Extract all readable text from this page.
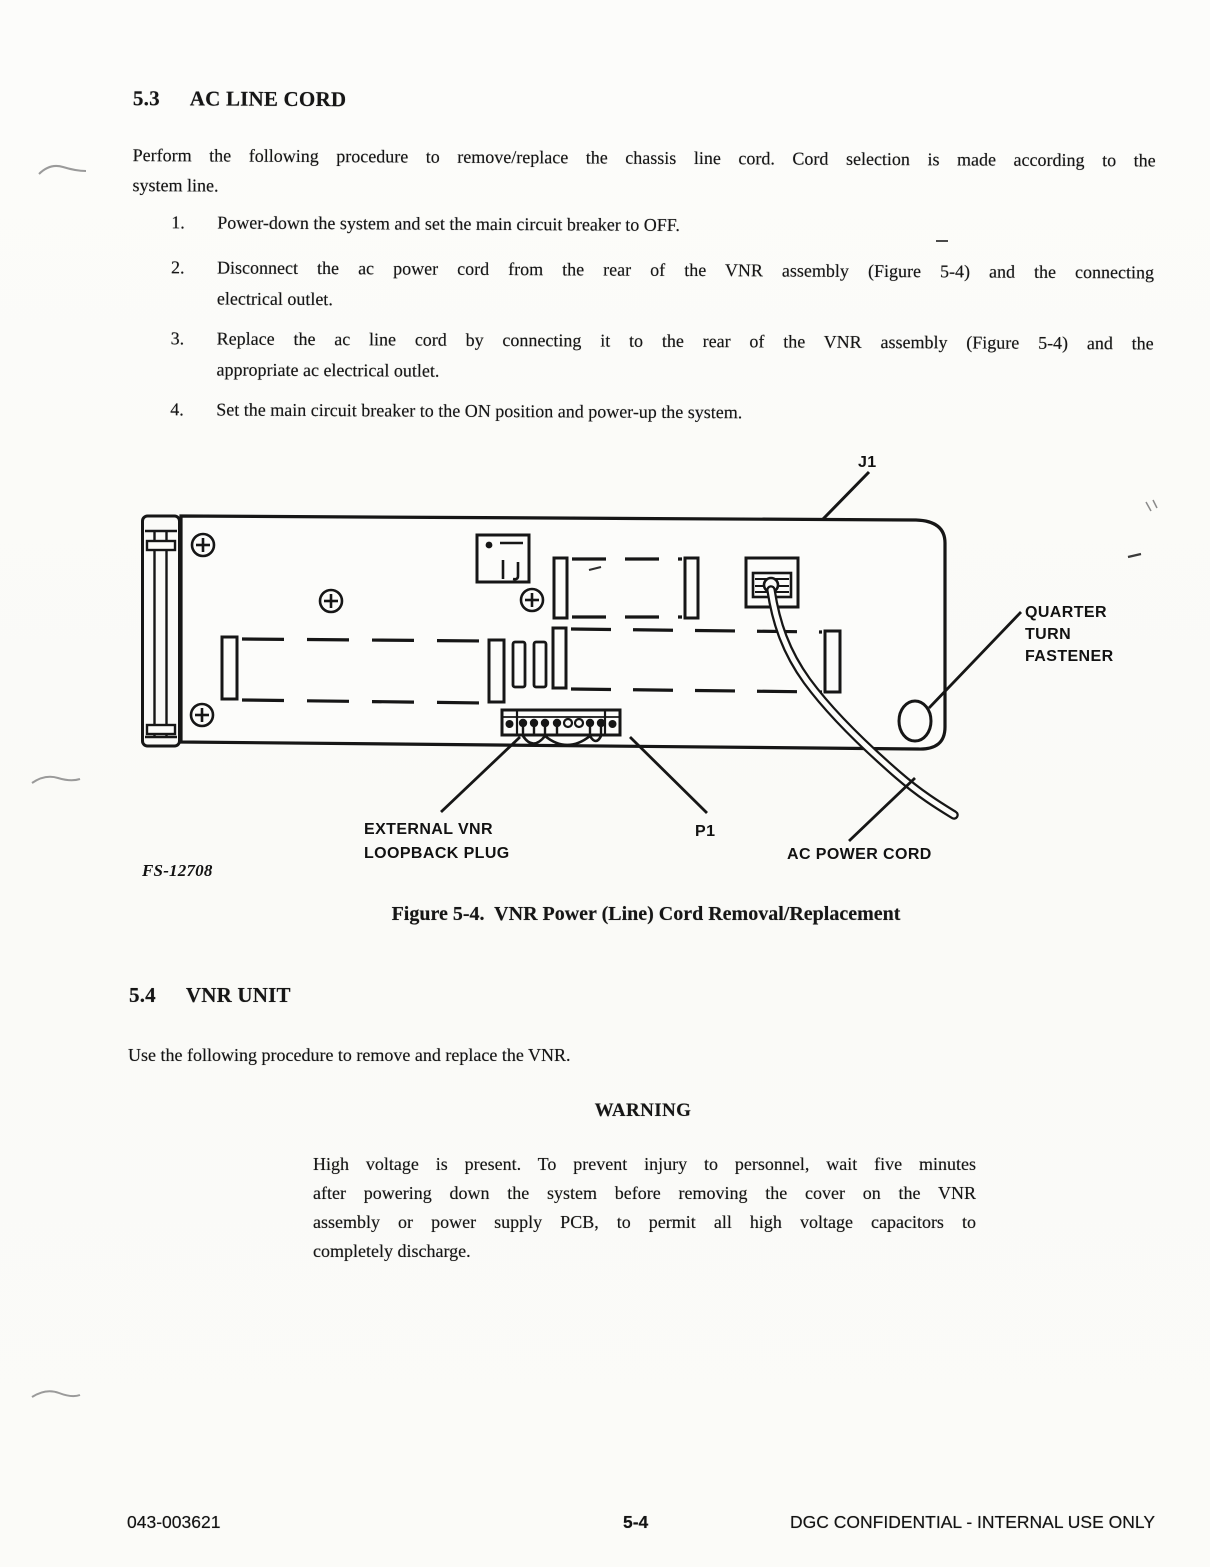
5.3 AC LINE CORD
Perform the following procedure to remove/replace the chassis line cord. Cord selection is made according to the
system line.
1.	Power-down the system and set the main circuit breaker to OFF.
2.	Disconnect the ac power cord from the rear of the VNR assembly (Figure 5-4) and the connecting
electrical outlet.
3.	Replace the ac line cord by connecting it to the rear of the VNR assembly (Figure 5-4) and the
appropriate ac electrical outlet.
4.	Set the main circuit breaker to the ON position and power-up the system.
J1
QUARTER
TURN
FASTENER
EXTERNAL VNR
LOOPBACK PLUG
P1
AC POWER CORD
FS-12708
Figure 5-4.  VNR Power (Line) Cord Removal/Replacement
5.4 VNR UNIT
Use the following procedure to remove and replace the VNR.
WARNING
High voltage is present. To prevent injury to personnel, wait five minutes
after powering down the system before removing the cover on the VNR
assembly or power supply PCB, to permit all high voltage capacitors to
completely discharge.
043-003621	5-4	DGC CONFIDENTIAL - INTERNAL USE ONLY
